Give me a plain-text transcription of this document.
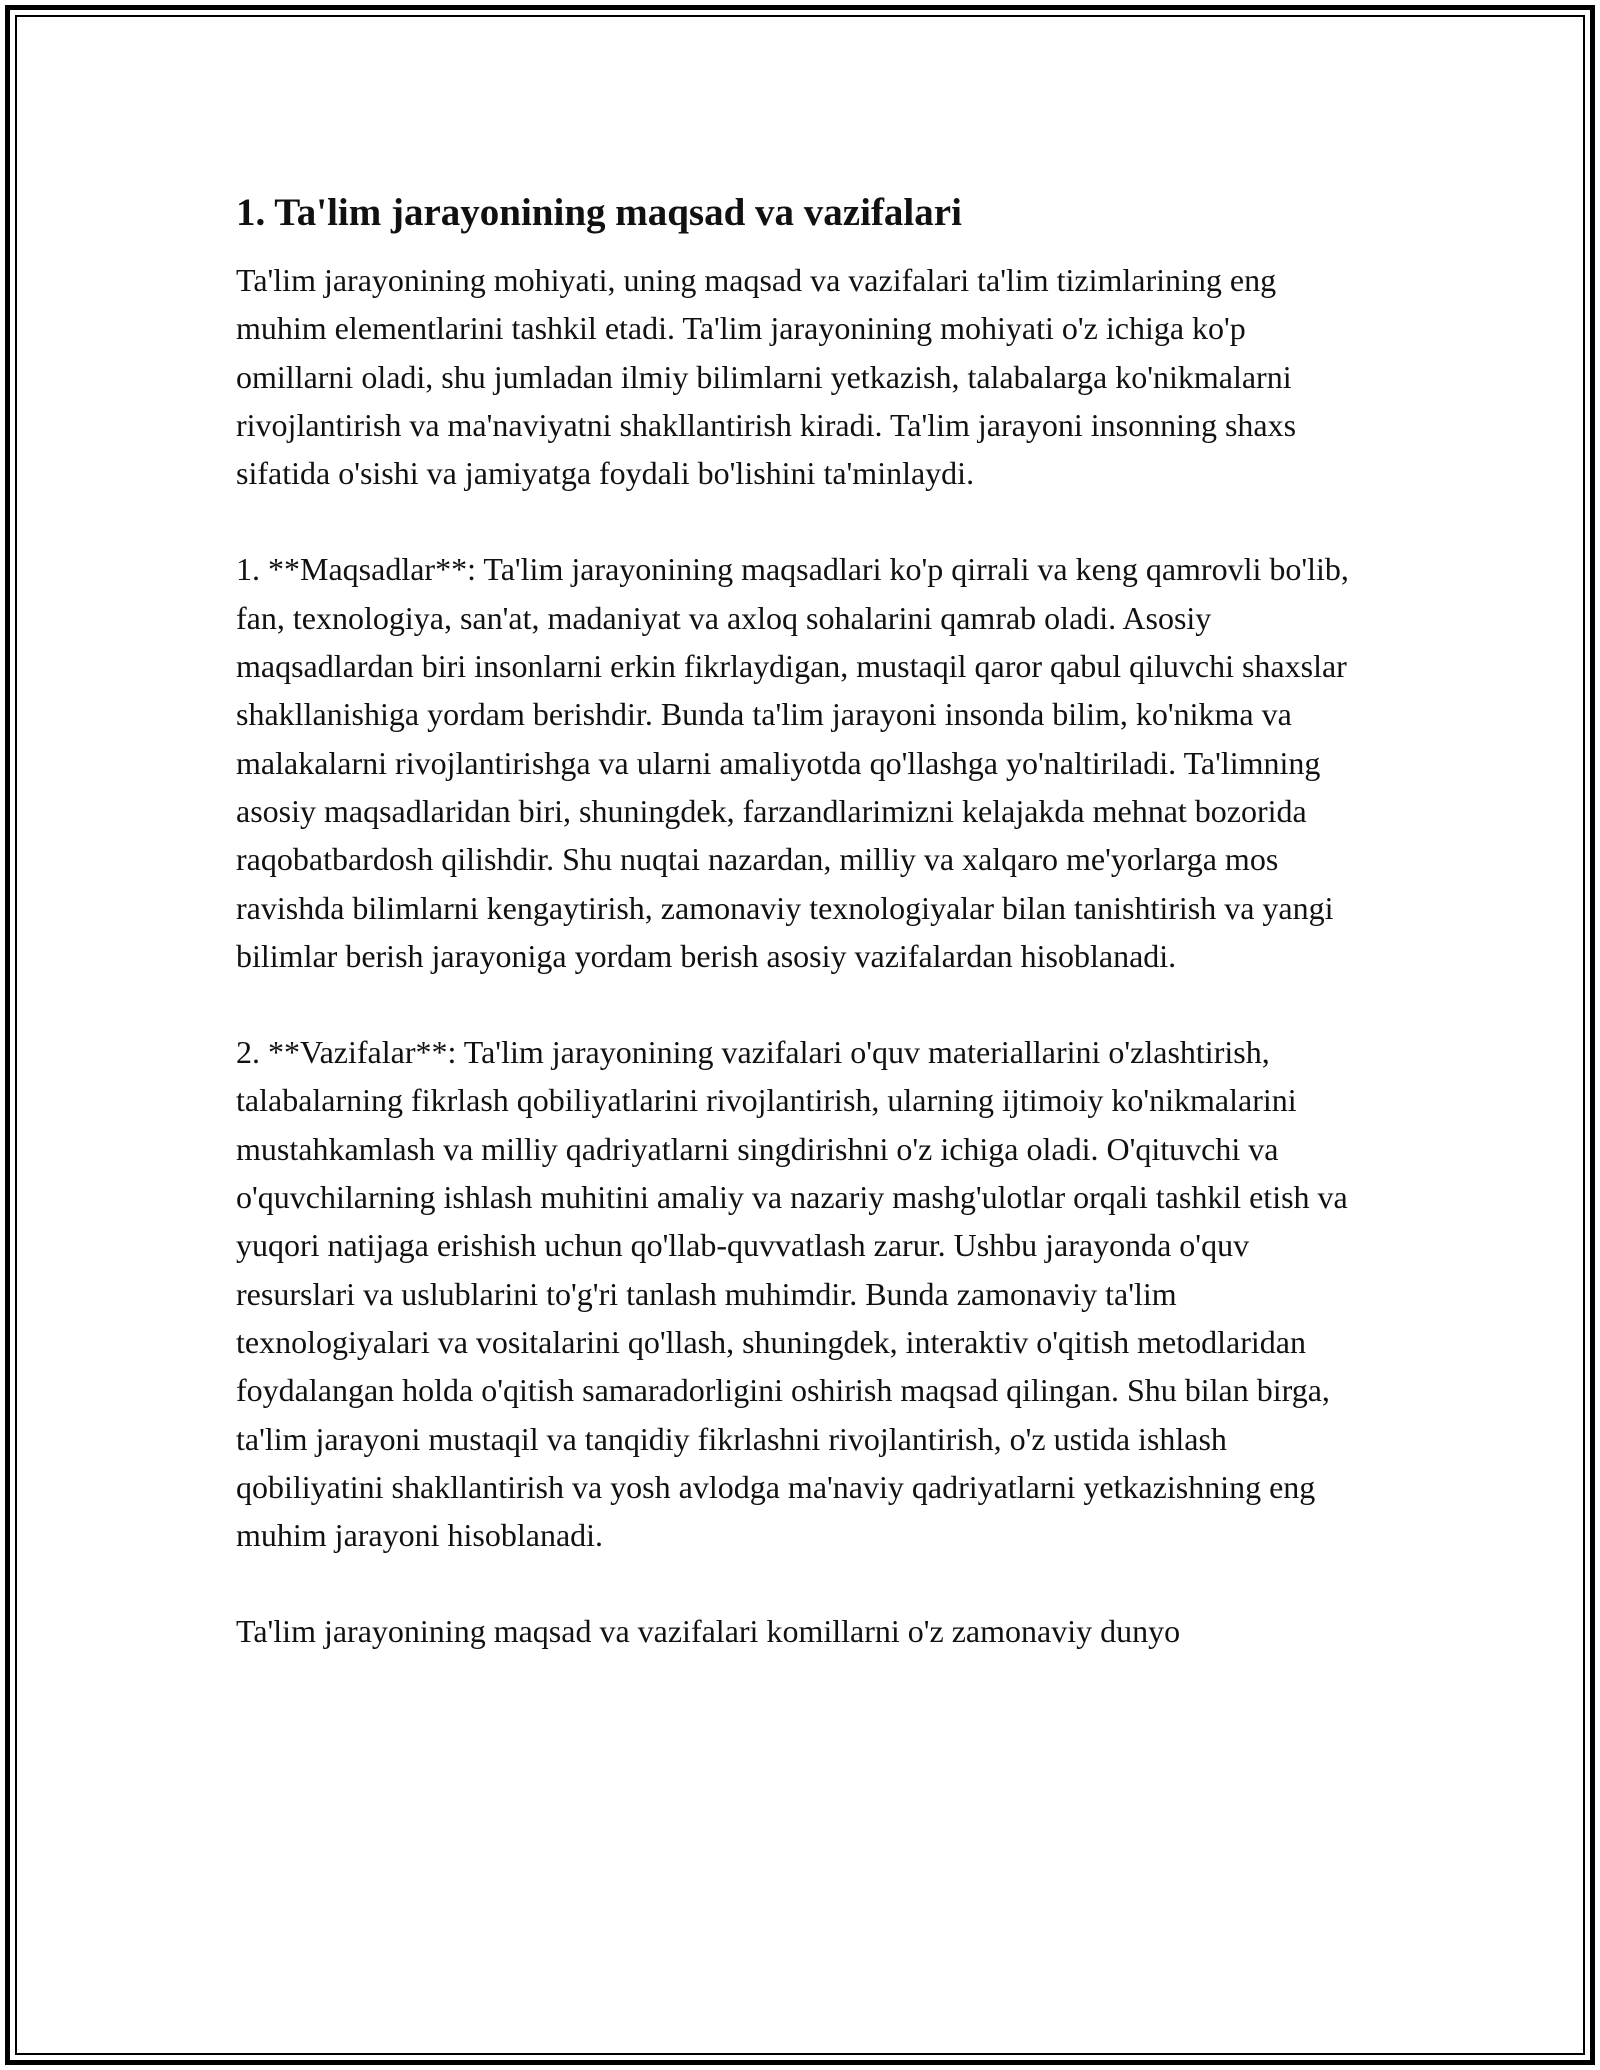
1. Ta'lim jarayonining maqsad va vazifalari

Ta'lim jarayonining mohiyati, uning maqsad va vazifalari ta'lim tizimlarining eng muhim elementlarini tashkil etadi. Ta'lim jarayonining mohiyati o'z ichiga ko'p omillarni oladi, shu jumladan ilmiy bilimlarni yetkazish, talabalarga ko'nikmalarni rivojlantirish va ma'naviyatni shakllantirish kiradi. Ta'lim jarayoni insonning shaxs sifatida o'sishi va jamiyatga foydali bo'lishini ta'minlaydi.

1. **Maqsadlar**: Ta'lim jarayonining maqsadlari ko'p qirrali va keng qamrovli bo'lib, fan, texnologiya, san'at, madaniyat va axloq sohalarini qamrab oladi. Asosiy maqsadlardan biri insonlarni erkin fikrlaydigan, mustaqil qaror qabul qiluvchi shaxslar shakllanishiga yordam berishdir. Bunda ta'lim jarayoni insonda bilim, ko'nikma va malakalarni rivojlantirishga va ularni amaliyotda qo'llashga yo'naltiriladi. Ta'limning asosiy maqsadlaridan biri, shuningdek, farzandlarimizni kelajakda mehnat bozorida raqobatbardosh qilishdir. Shu nuqtai nazardan, milliy va xalqaro me'yorlarga mos ravishda bilimlarni kengaytirish, zamonaviy texnologiyalar bilan tanishtirish va yangi bilimlar berish jarayoniga yordam berish asosiy vazifalardan hisoblanadi.

2. **Vazifalar**: Ta'lim jarayonining vazifalari o'quv materiallarini o'zlashtirish, talabalarning fikrlash qobiliyatlarini rivojlantirish, ularning ijtimoiy ko'nikmalarini mustahkamlash va milliy qadriyatlarni singdirishni o'z ichiga oladi. O'qituvchi va o'quvchilarning ishlash muhitini amaliy va nazariy mashg'ulotlar orqali tashkil etish va yuqori natijaga erishish uchun qo'llab-quvvatlash zarur. Ushbu jarayonda o'quv resurslari va uslublarini to'g'ri tanlash muhimdir. Bunda zamonaviy ta'lim texnologiyalari va vositalarini qo'llash, shuningdek, interaktiv o'qitish metodlaridan foydalangan holda o'qitish samaradorligini oshirish maqsad qilingan. Shu bilan birga, ta'lim jarayoni mustaqil va tanqidiy fikrlashni rivojlantirish, o'z ustida ishlash qobiliyatini shakllantirish va yosh avlodga ma'naviy qadriyatlarni yetkazishning eng muhim jarayoni hisoblanadi.

Ta'lim jarayonining maqsad va vazifalari komillarni o'z zamonaviy dunyo
